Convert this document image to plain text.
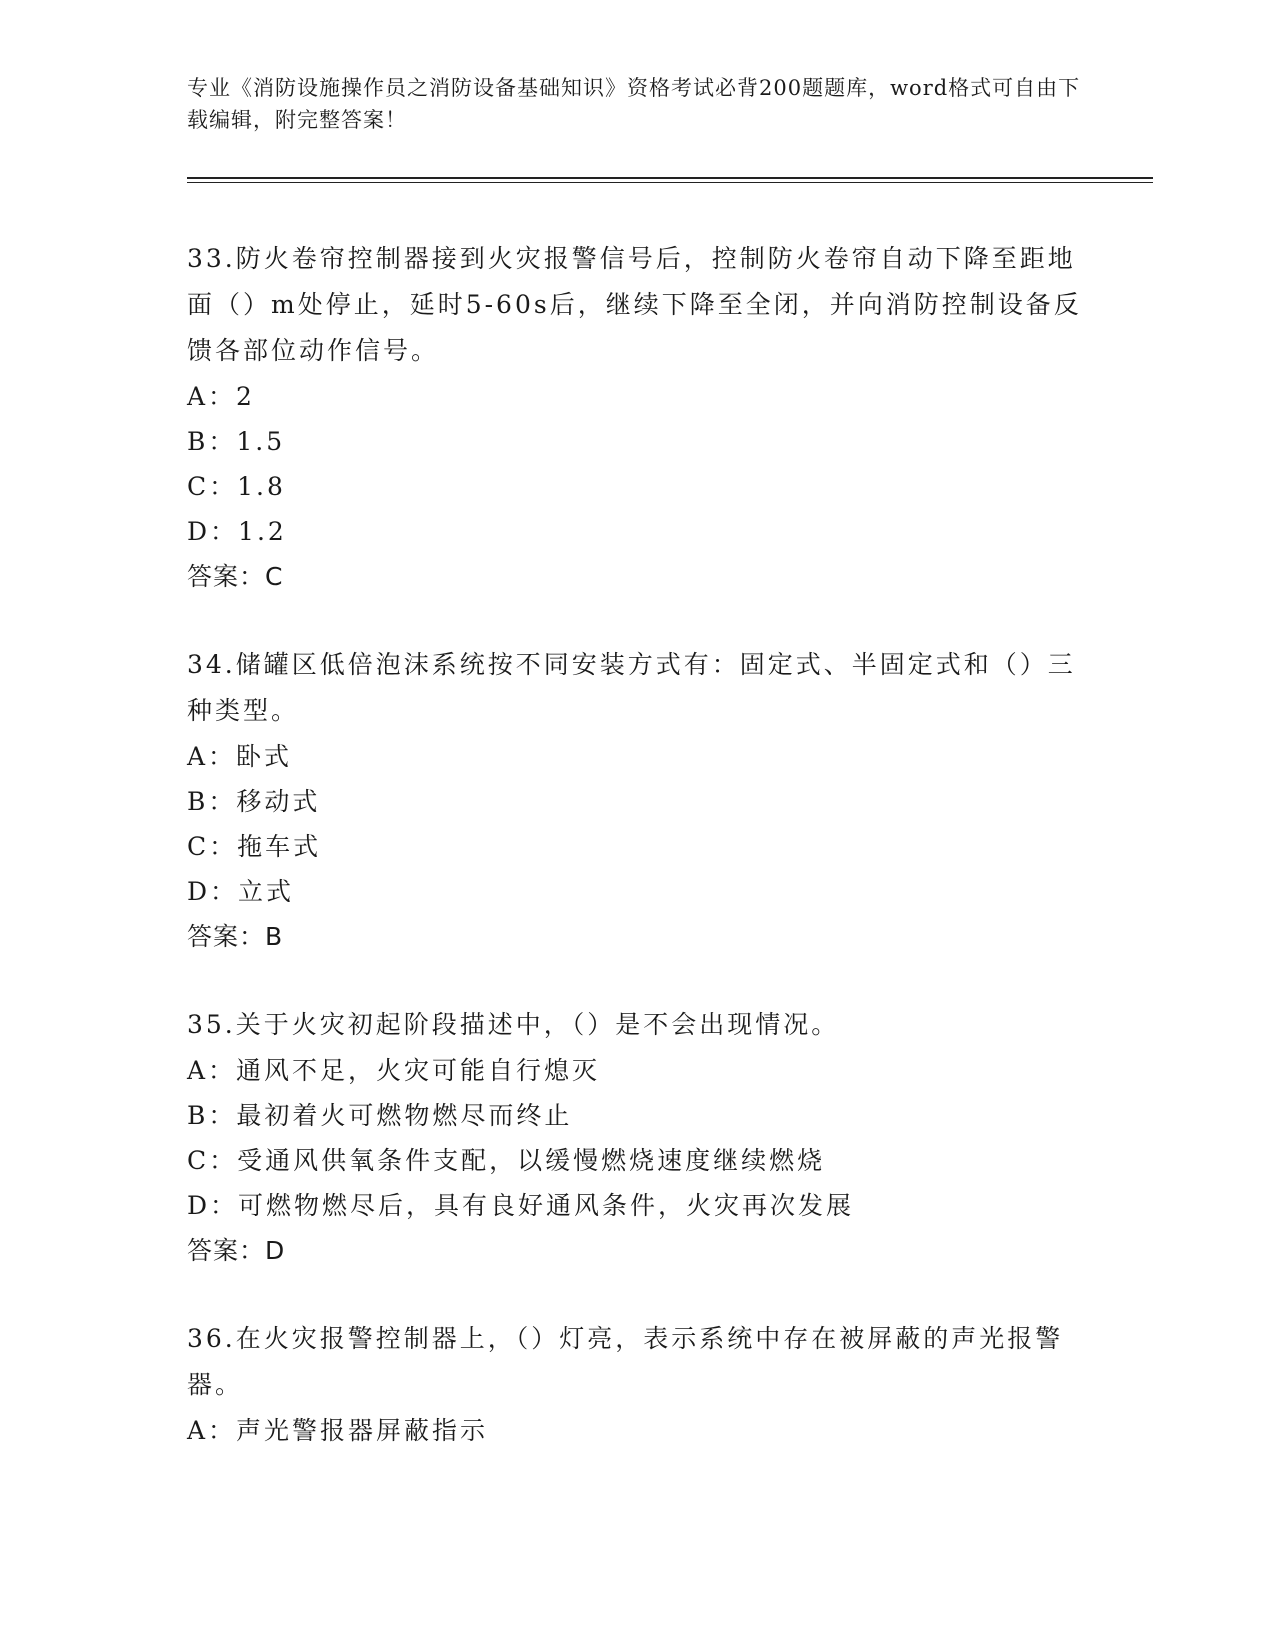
专业《消防设施操作员之消防设备基础知识》资格考试必背200题题库，word格式可自由下载编辑，附完整答案！

33.防火卷帘控制器接到火灾报警信号后，控制防火卷帘自动下降至距地面（）m处停止，延时5-60s后，继续下降至全闭，并向消防控制设备反馈各部位动作信号。

A：2

B：1.5

C：1.8

D：1.2

答案：C

34.储罐区低倍泡沫系统按不同安装方式有：固定式、半固定式和（）三种类型。

A：卧式

B：移动式

C：拖车式

D：立式

答案：B

35.关于火灾初起阶段描述中，（）是不会出现情况。

A：通风不足，火灾可能自行熄灭

B：最初着火可燃物燃尽而终止

C：受通风供氧条件支配，以缓慢燃烧速度继续燃烧

D：可燃物燃尽后，具有良好通风条件，火灾再次发展

答案：D

36.在火灾报警控制器上，（）灯亮，表示系统中存在被屏蔽的声光报警器。

A：声光警报器屏蔽指示
